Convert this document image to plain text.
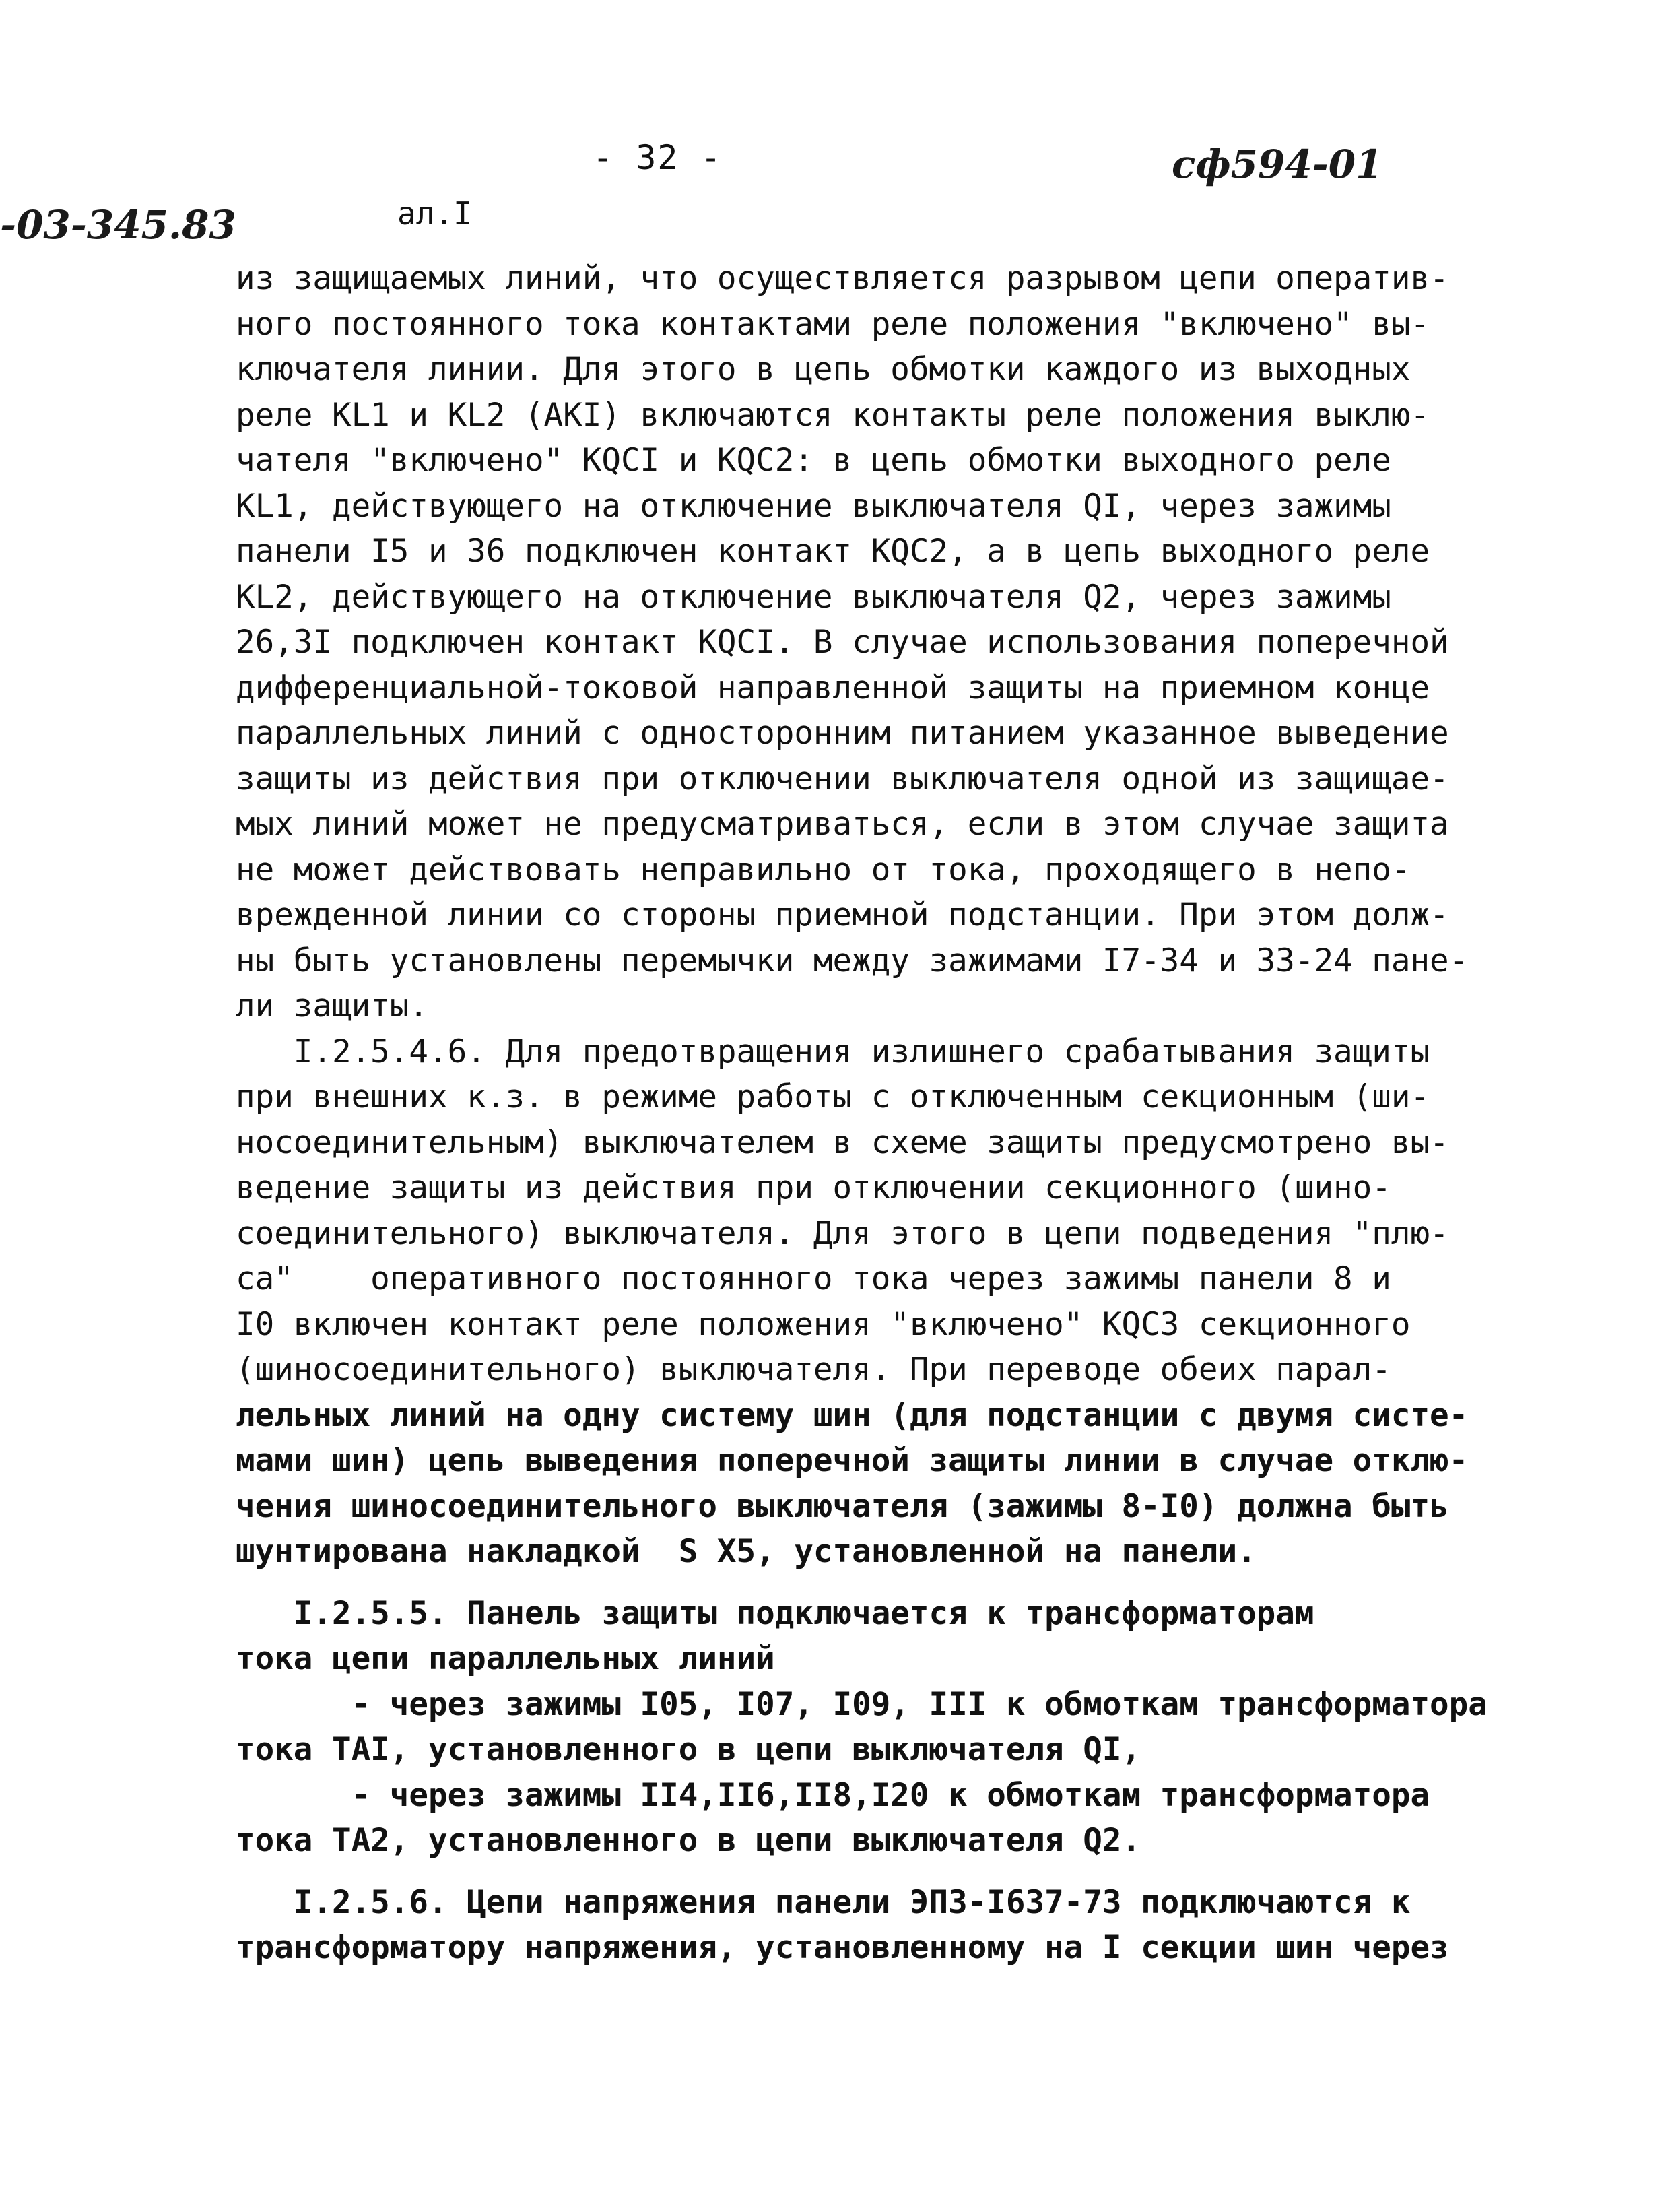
- 32 -	сф594-01
-03-345.83	ал.I
из защищаемых линий, что осуществляется разрывом цепи оператив-
ного постоянного тока контактами реле положения "включено" вы-
ключателя линии. Для этого в цепь обмотки каждого из выходных
реле KL1 и KL2 (AKI) включаются контакты реле положения выклю-
чателя "включено" KQCI и KQC2: в цепь обмотки выходного реле
KL1, действующего на отключение выключателя QI, через зажимы
панели I5 и 36 подключен контакт KQC2, а в цепь выходного реле
KL2, действующего на отключение выключателя Q2, через зажимы
26,3I подключен контакт KQCI. В случае использования поперечной
дифференциальной-токовой направленной защиты на приемном конце
параллельных линий с односторонним питанием указанное выведение
защиты из действия при отключении выключателя одной из защищае-
мых линий может не предусматриваться, если в этом случае защита
не может действовать неправильно от тока, проходящего в непо-
врежденной линии со стороны приемной подстанции. При этом долж-
ны быть установлены перемычки между зажимами I7-34 и 33-24 пане-
ли защиты.
I.2.5.4.6. Для предотвращения излишнего срабатывания защиты
при внешних к.з. в режиме работы с отключенным секционным (ши-
носоединительным) выключателем в схеме защиты предусмотрено вы-
ведение защиты из действия при отключении секционного (шино-
соединительного) выключателя. Для этого в цепи подведения "плю-
са"    оперативного постоянного тока через зажимы панели 8 и
I0 включен контакт реле положения "включено" KQC3 секционного
(шиносоединительного) выключателя. При переводе обеих парал-
лельных линий на одну систему шин (для подстанции с двумя систе-
мами шин) цепь выведения поперечной защиты линии в случае отклю-
чения шиносоединительного выключателя (зажимы 8-I0) должна быть
шунтирована накладкой  S X5, установленной на панели.
I.2.5.5. Панель защиты подключается к трансформаторам
тока цепи параллельных линий
- через зажимы I05, I07, I09, III к обмоткам трансформатора
тока TAI, установленного в цепи выключателя QI,
- через зажимы II4,II6,II8,I20 к обмоткам трансформатора
тока TA2, установленного в цепи выключателя Q2.
I.2.5.6. Цепи напряжения панели ЭПЗ-I637-73 подключаются к
трансформатору напряжения, установленному на I секции шин через
